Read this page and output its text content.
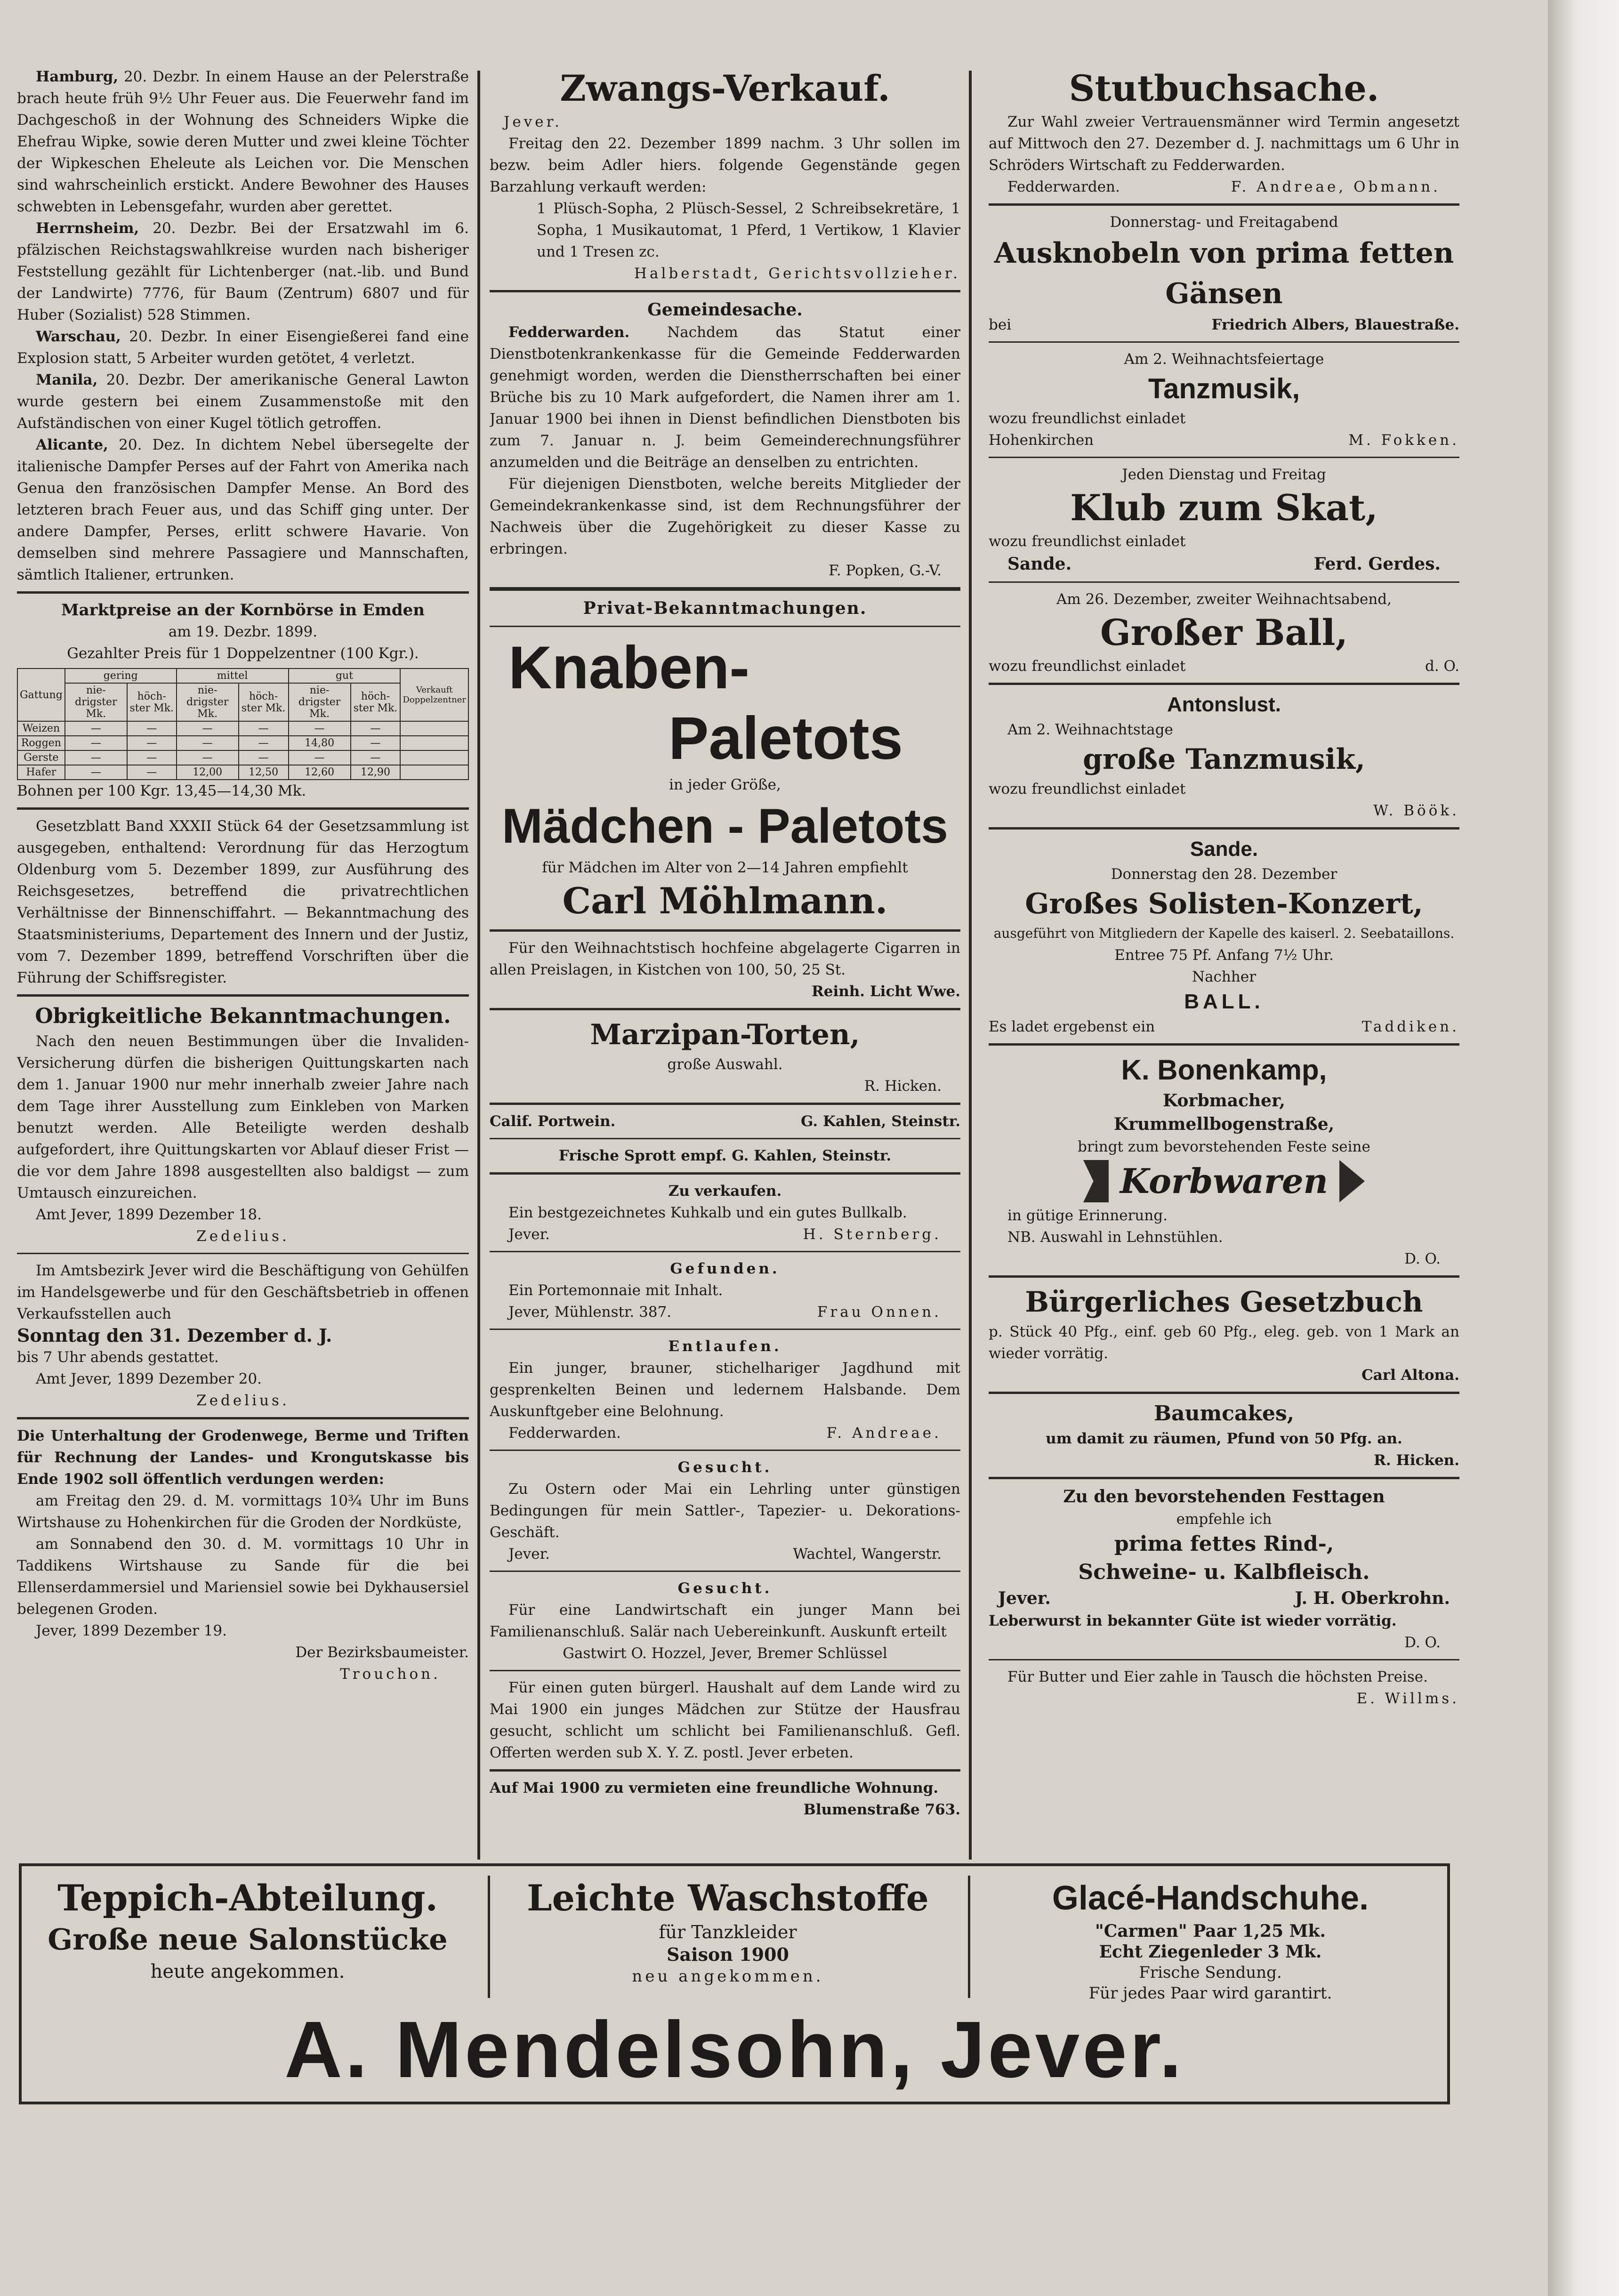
Hamburg, 20. Dezbr. In einem Hause an der Pelerstraße brach heute früh 9½ Uhr Feuer aus. Die Feuerwehr fand im Dachgeschoß in der Wohnung des Schneiders Wipke die Ehefrau Wipke, sowie deren Mutter und zwei kleine Töchter der Wipkeschen Eheleute als Leichen vor. Die Menschen sind wahrscheinlich erstickt. Andere Bewohner des Hauses schwebten in Lebensgefahr, wurden aber gerettet.

Herrnsheim, 20. Dezbr. Bei der Ersatzwahl im 6. pfälzischen Reichstagswahlkreise wurden nach bisheriger Feststellung gezählt für Lichtenberger (nat.-lib. und Bund der Landwirte) 7776, für Baum (Zentrum) 6807 und für Huber (Sozialist) 528 Stimmen.

Warschau, 20. Dezbr. In einer Eisengießerei fand eine Explosion statt, 5 Arbeiter wurden getötet, 4 verletzt.

Manila, 20. Dezbr. Der amerikanische General Lawton wurde gestern bei einem Zusammenstoße mit den Aufständischen von einer Kugel tötlich getroffen.

Alicante, 20. Dez. In dichtem Nebel übersegelte der italienische Dampfer Perses auf der Fahrt von Amerika nach Genua den französischen Dampfer Mense. An Bord des letzteren brach Feuer aus, und das Schiff ging unter. Der andere Dampfer, Perses, erlitt schwere Havarie. Von demselben sind mehrere Passagiere und Mannschaften, sämtlich Italiener, ertrunken.

Marktpreise an der Kornbörse in Emden

am 19. Dezbr. 1899.

Gezahlter Preis für 1 Doppelzentner (100 Kgr.).

Gattung	gering		mittel		gut		Verkauft Doppelzentner
	nie-drigster Mk.	höch-ster Mk.	nie-drigster Mk.	höch-ster Mk.	nie-drigster Mk.	höch-ster Mk.	
Weizen	—	—	—	—	—	—	
Roggen	—	—	—	—	14,80	—	
Gerste	—	—	—	—	—	—	
Hafer	—	—	12,00	12,50	12,60	12,90	

Bohnen per 100 Kgr. 13,45—14,30 Mk.

Gesetzblatt Band XXXII Stück 64 der Gesetzsammlung ist ausgegeben, enthaltend: Verordnung für das Herzogtum Oldenburg vom 5. Dezember 1899, zur Ausführung des Reichsgesetzes, betreffend die privatrechtlichen Verhältnisse der Binnenschiffahrt. — Bekanntmachung des Staatsministeriums, Departement des Innern und der Justiz, vom 7. Dezember 1899, betreffend Vorschriften über die Führung der Schiffsregister.

Obrigkeitliche Bekanntmachungen.

Nach den neuen Bestimmungen über die Invaliden-Versicherung dürfen die bisherigen Quittungskarten nach dem 1. Januar 1900 nur mehr innerhalb zweier Jahre nach dem Tage ihrer Ausstellung zum Einkleben von Marken benutzt werden. Alle Beteiligte werden deshalb aufgefordert, ihre Quittungskarten vor Ablauf dieser Frist — die vor dem Jahre 1898 ausgestellten also baldigst — zum Umtausch einzureichen.

Amt Jever, 1899 Dezember 18.

Zedelius.

Im Amtsbezirk Jever wird die Beschäftigung von Gehülfen im Handelsgewerbe und für den Geschäftsbetrieb in offenen Verkaufsstellen auch

Sonntag den 31. Dezember d. J.

bis 7 Uhr abends gestattet.

Amt Jever, 1899 Dezember 20.

Zedelius.

Die Unterhaltung der Grodenwege, Berme und Triften für Rechnung der Landes- und Krongutskasse bis Ende 1902 soll öffentlich verdungen werden:

am Freitag den 29. d. M. vormittags 10¾ Uhr im Buns Wirtshause zu Hohenkirchen für die Groden der Nordküste,

am Sonnabend den 30. d. M. vormittags 10 Uhr in Taddikens Wirtshause zu Sande für die bei Ellenserdammersiel und Mariensiel sowie bei Dykhausersiel belegenen Groden.

Jever, 1899 Dezember 19.

Der Bezirksbaumeister.

Trouchon.

Zwangs-Verkauf.

Jever.

Freitag den 22. Dezember 1899 nachm. 3 Uhr sollen im bezw. beim Adler hiers. folgende Gegenstände gegen Barzahlung verkauft werden:

1 Plüsch-Sopha, 2 Plüsch-Sessel, 2 Schreibsekretäre, 1 Sopha, 1 Musikautomat, 1 Pferd, 1 Vertikow, 1 Klavier und 1 Tresen zc.

Halberstadt, Gerichtsvollzieher.

Gemeindesache.

Fedderwarden.	Nachdem das Statut einer Dienstbotenkrankenkasse für die Gemeinde Fedderwarden genehmigt worden, werden die Dienstherrschaften bei einer Brüche bis zu 10 Mark aufgefordert, die Namen ihrer am 1. Januar 1900 bei ihnen in Dienst befindlichen Dienstboten bis zum 7. Januar n. J. beim Gemeinderechnungsführer anzumelden und die Beiträge an denselben zu entrichten.

Für diejenigen Dienstboten, welche bereits Mitglieder der Gemeindekrankenkasse sind, ist dem Rechnungsführer der Nachweis über die Zugehörigkeit zu dieser Kasse zu erbringen.

F. Popken, G.-V.

Privat-Bekanntmachungen.

Knaben-
Paletots

in jeder Größe,

Mädchen - Paletots

für Mädchen im Alter von 2—14 Jahren empfiehlt

Carl Möhlmann.

Für den Weihnachtstisch hochfeine abgelagerte Cigarren in allen Preislagen, in Kistchen von 100, 50, 25 St.

Reinh. Licht Wwe.

Marzipan-Torten,

große Auswahl.

R. Hicken.

Calif. Portwein.	G. Kahlen, Steinstr.

Frische Sprott empf. G. Kahlen, Steinstr.

Zu verkaufen.

Ein bestgezeichnetes Kuhkalb und ein gutes Bullkalb.

Jever.	H. Sternberg.

Gefunden.

Ein Portemonnaie mit Inhalt.

Jever, Mühlenstr. 387.	Frau Onnen.

Entlaufen.

Ein junger, brauner, stichelhariger Jagdhund mit gesprenkelten Beinen und ledernem Halsbande. Dem Auskunftgeber eine Belohnung.

Fedderwarden.	F. Andreae.

Gesucht.

Zu Ostern oder Mai ein Lehrling unter günstigen Bedingungen für mein Sattler-, Tapezier- u. Dekorations-Geschäft.

Jever.	Wachtel, Wangerstr.

Gesucht.

Für eine Landwirtschaft ein junger Mann bei Familienanschluß. Salär nach Uebereinkunft. Auskunft erteilt

Gastwirt O. Hozzel, Jever, Bremer Schlüssel

Für einen guten bürgerl. Haushalt auf dem Lande wird zu Mai 1900 ein junges Mädchen zur Stütze der Hausfrau gesucht, schlicht um schlicht bei Familienanschluß. Gefl. Offerten werden sub X. Y. Z. postl. Jever erbeten.

Auf Mai 1900 zu vermieten eine freundliche Wohnung.

Blumenstraße 763.

Stutbuchsache.

Zur Wahl zweier Vertrauensmänner wird Termin angesetzt auf Mittwoch den 27. Dezember d. J. nachmittags um 6 Uhr in Schröders Wirtschaft zu Fedderwarden.

Fedderwarden.	F. Andreae, Obmann.

Donnerstag- und Freitagabend

Ausknobeln von prima fetten Gänsen

bei	Friedrich Albers, Blauestraße.

Am 2. Weihnachtsfeiertage

Tanzmusik,

wozu freundlichst einladet

Hohenkirchen	M. Fokken.

Jeden Dienstag und Freitag

Klub zum Skat,

wozu freundlichst einladet

Sande.	Ferd. Gerdes.

Am 26. Dezember, zweiter Weihnachtsabend,

Großer Ball,

wozu freundlichst einladet	d. O.

Antonslust.

Am 2. Weihnachtstage

große Tanzmusik,

wozu freundlichst einladet

W. Böök.

Sande.

Donnerstag den 28. Dezember

Großes Solisten-Konzert,

ausgeführt von Mitgliedern der Kapelle des kaiserl. 2. Seebataillons.

Entree 75 Pf. Anfang 7½ Uhr.

Nachher

BALL.

Es ladet ergebenst ein	Taddiken.

K. Bonenkamp,

Korbmacher,

Krummellbogenstraße,

bringt zum bevorstehenden Feste seine

Korbwaren

in gütige Erinnerung.

NB. Auswahl in Lehnstühlen.

D. O.

Bürgerliches Gesetzbuch

p. Stück 40 Pfg., einf. geb 60 Pfg., eleg. geb. von 1 Mark an wieder vorrätig.

Carl Altona.

Baumcakes,

um damit zu räumen, Pfund von 50 Pfg. an.

R. Hicken.

Zu den bevorstehenden Festtagen

empfehle ich

prima fettes Rind-,

Schweine- u. Kalbfleisch.

Jever.	J. H. Oberkrohn.

Leberwurst in bekannter Güte ist wieder vorrätig.

D. O.

Für Butter und Eier zahle in Tausch die höchsten Preise.

E. Willms.

Teppich-Abteilung.
Große neue Salonstücke
heute angekommen.
Leichte Waschstoffe
für Tanzkleider
Saison 1900
neu angekommen.
Glacé-Handschuhe.
"Carmen" Paar 1,25 Mk.
Echt Ziegenleder 3 Mk.
Frische Sendung.
Für jedes Paar wird garantirt.
A. Mendelsohn, Jever.
